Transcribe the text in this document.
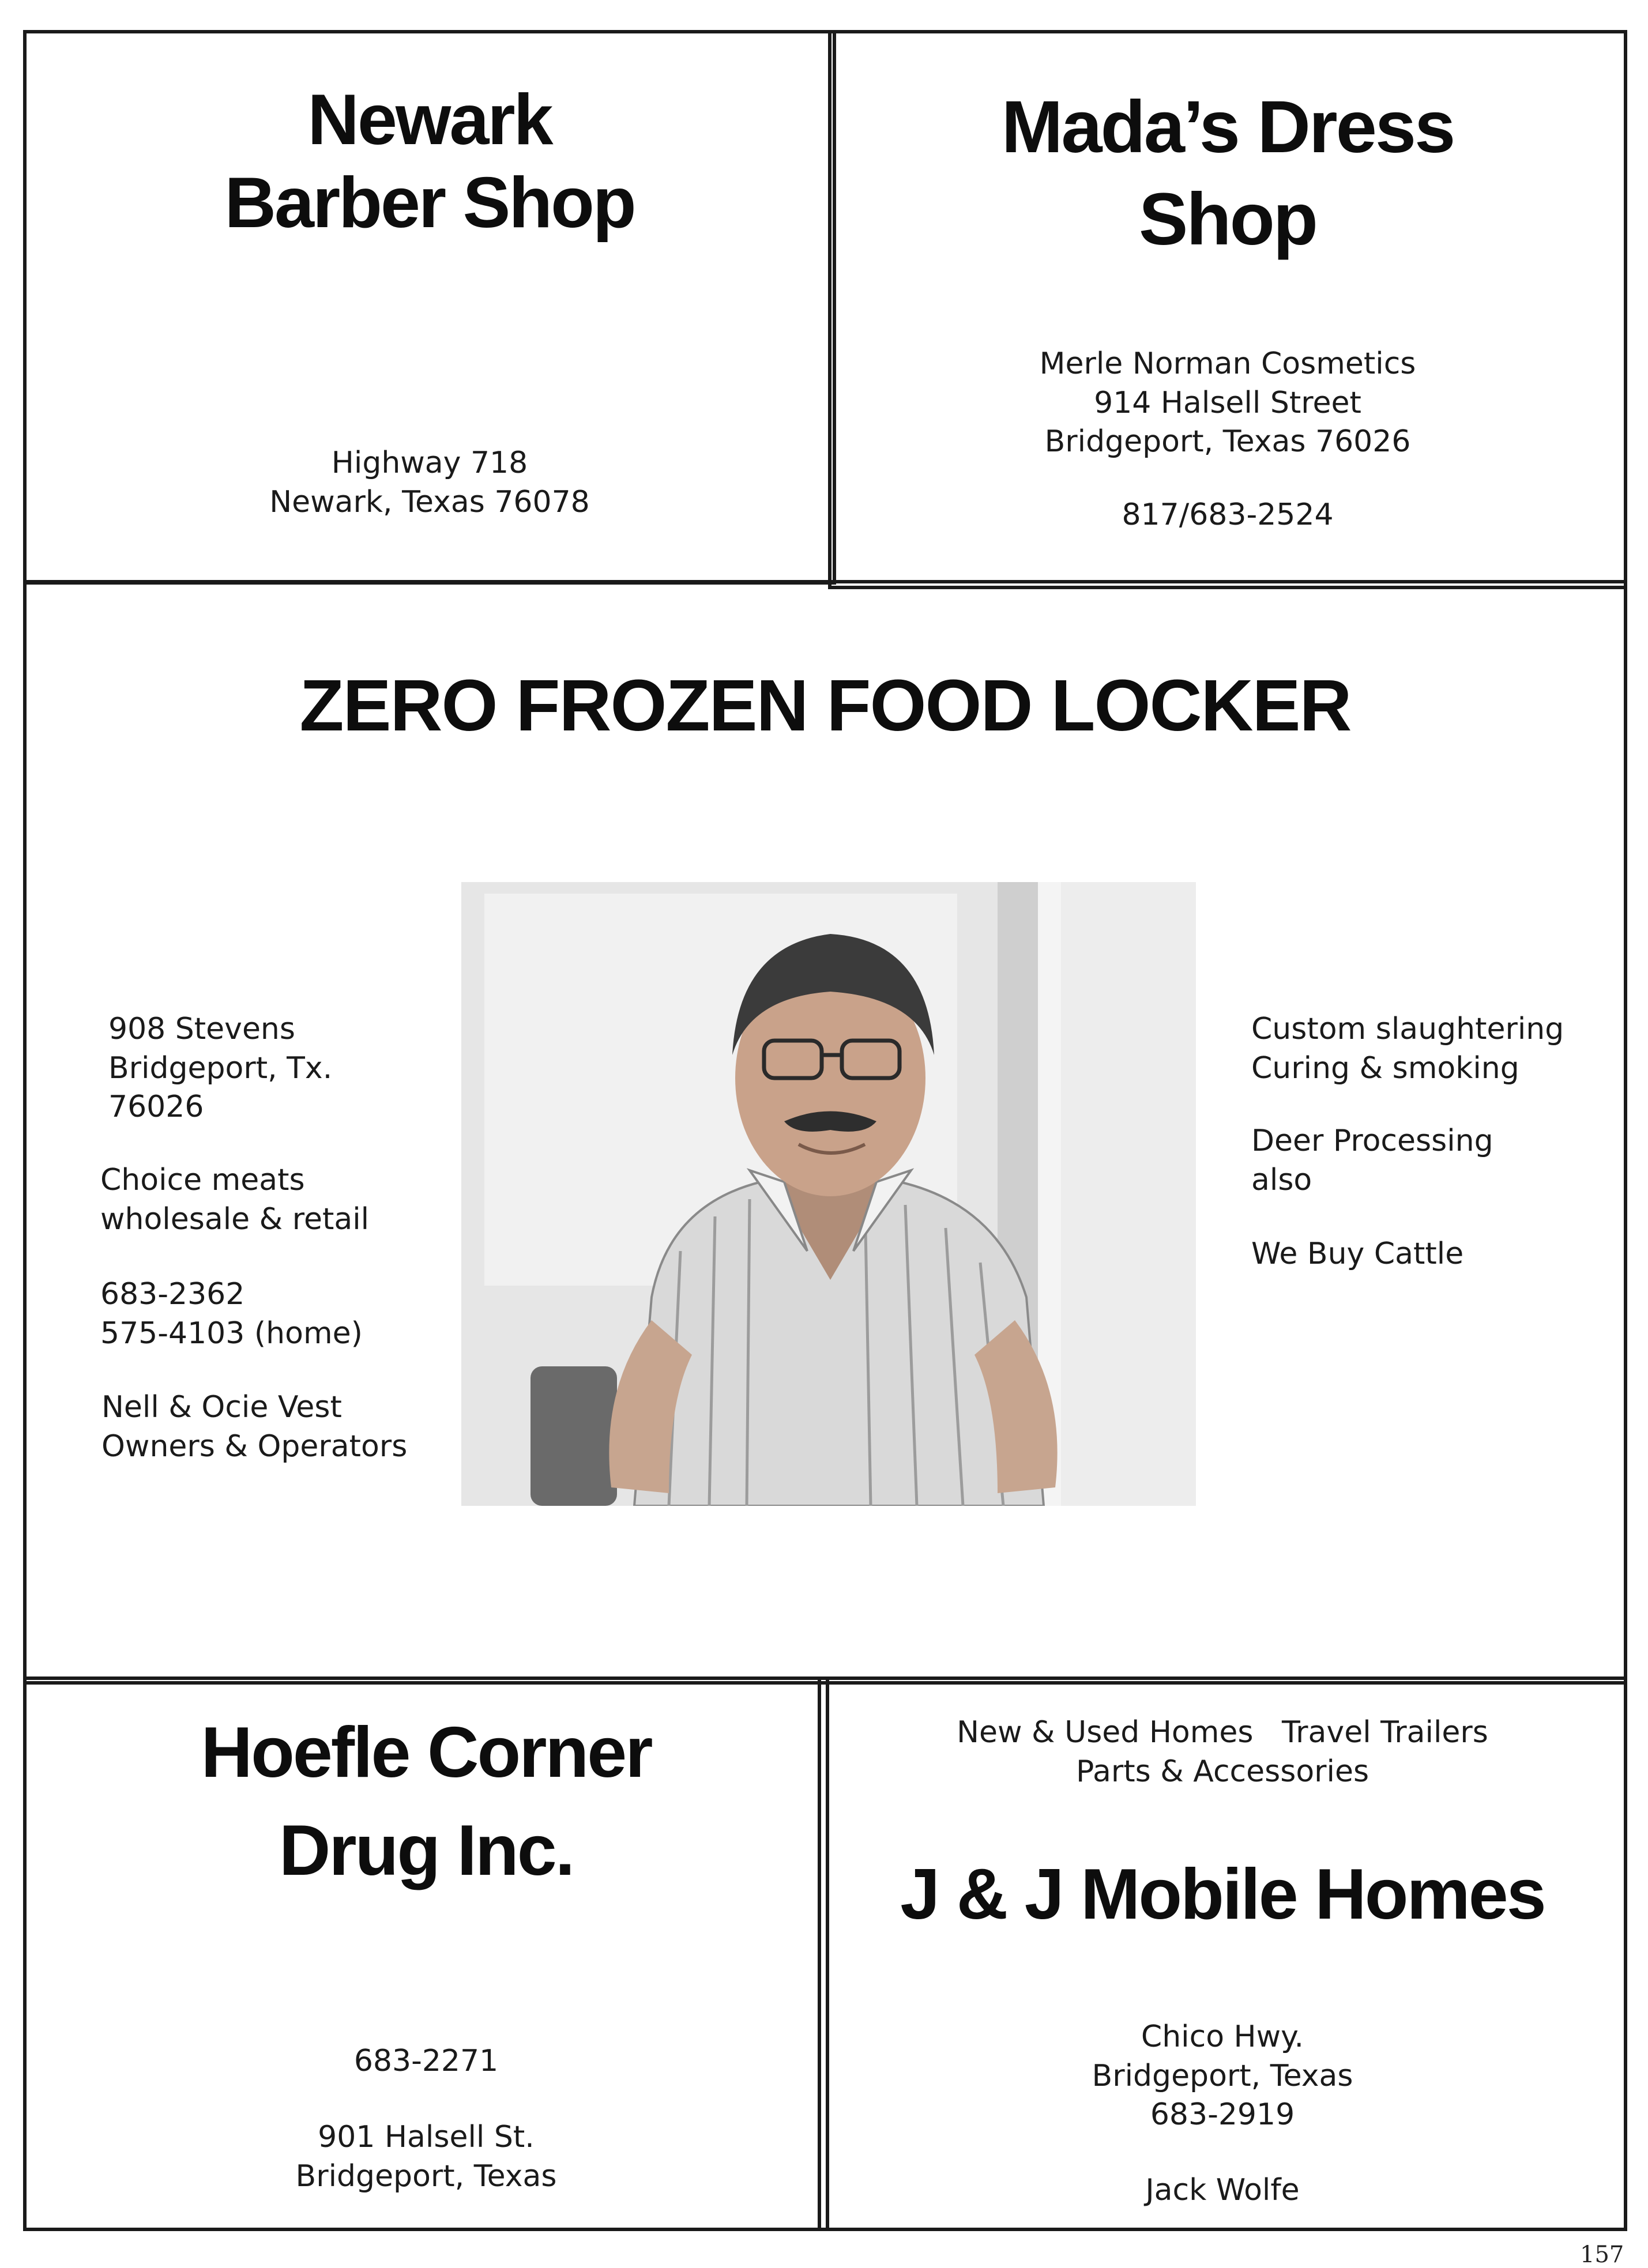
Newark
Barber Shop
Highway 718
Newark, Texas 76078
Mada’s Dress
Shop
Merle Norman Cosmetics
914 Halsell Street
Bridgeport, Texas 76026
817/683-2524
ZERO FROZEN FOOD LOCKER
908 Stevens
Bridgeport, Tx.
76026
Choice meats
wholesale & retail
683-2362
575-4103 (home)
Nell & Ocie Vest
Owners & Operators
Custom slaughtering
Curing & smoking
Deer Processing
also
We Buy Cattle
Hoefle Corner
Drug Inc.
683-2271
901 Halsell St.
Bridgeport, Texas
New & Used Homes   Travel Trailers
Parts & Accessories
J & J Mobile Homes
Chico Hwy.
Bridgeport, Texas
683-2919
Jack Wolfe
157
